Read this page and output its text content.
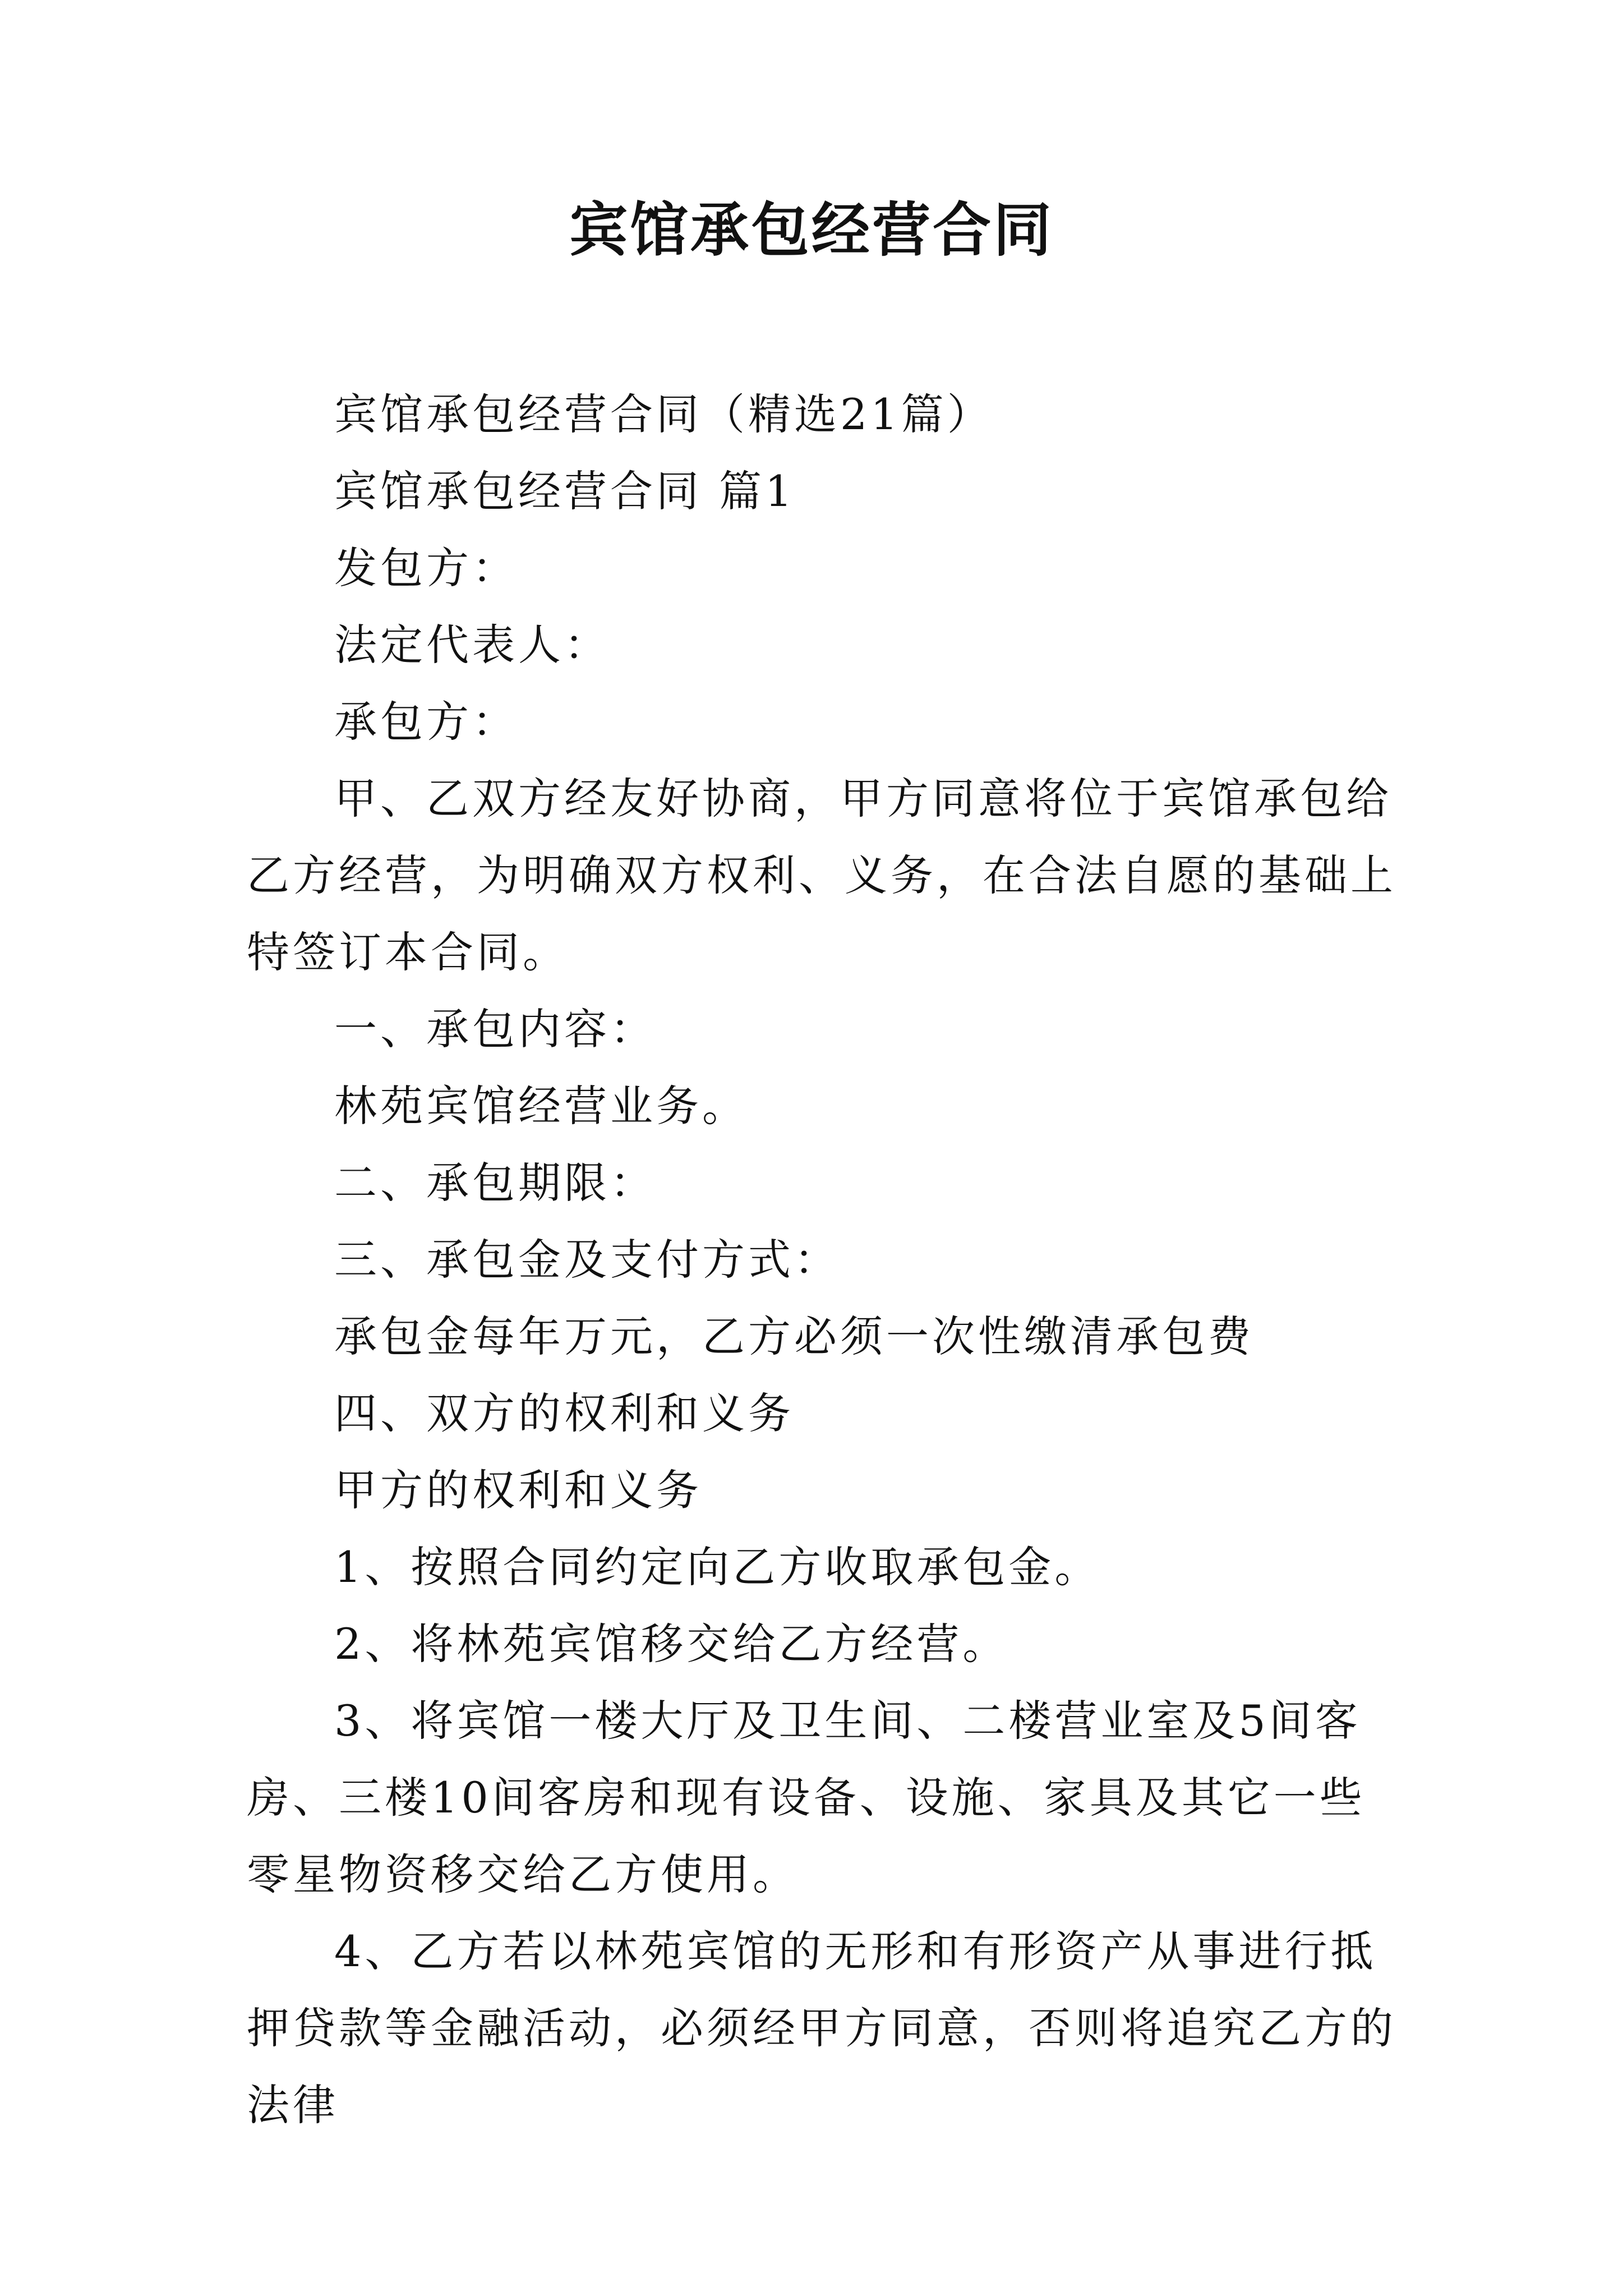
宾馆承包经营合同

宾馆承包经营合同（精选21篇）

宾馆承包经营合同 篇1

发包方：

法定代表人：

承包方：

甲、乙双方经友好协商，甲方同意将位于宾馆承包给乙方经营，为明确双方权利、义务，在合法自愿的基础上特签订本合同。

一、承包内容：

林苑宾馆经营业务。

二、承包期限：

三、承包金及支付方式：

承包金每年万元，乙方必须一次性缴清承包费

四、双方的权利和义务

甲方的权利和义务

1、按照合同约定向乙方收取承包金。

2、将林苑宾馆移交给乙方经营。

3、将宾馆一楼大厅及卫生间、二楼营业室及5间客房、三楼10间客房和现有设备、设施、家具及其它一些零星物资移交给乙方使用。

4、乙方若以林苑宾馆的无形和有形资产从事进行抵押贷款等金融活动，必须经甲方同意，否则将追究乙方的法律
